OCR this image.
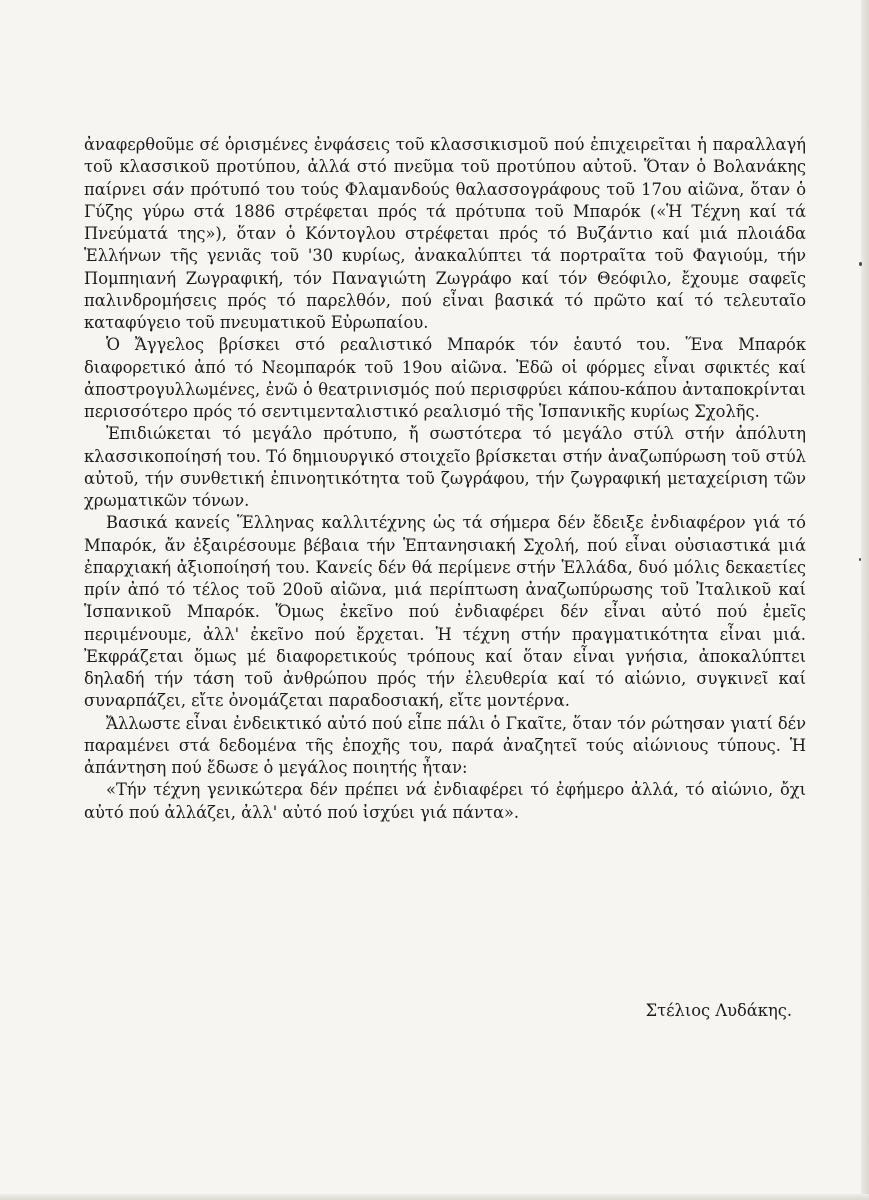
ἀναφερθοῦμε σέ ὁρισμένες ἐνφάσεις τοῦ κλασσικισμοῦ πού ἐπιχειρεῖται ἡ παραλλαγή τοῦ κλασσικοῦ προτύπου, ἀλλά στό πνεῦμα τοῦ προτύπου αὐτοῦ. Ὅταν ὁ Βολανάκης παίρνει σάν πρότυπό του τούς Φλαμανδούς θαλασσογράφους τοῦ 17ου αἰῶνα, ὅταν ὁ Γύζης γύρω στά 1886 στρέφεται πρός τά πρότυπα τοῦ Μπαρόκ («Ἡ Τέχνη καί τά Πνεύματά της»), ὅταν ὁ Κόντογλου στρέφεται πρός τό Βυζάντιο καί μιά πλοιάδα Ἑλλήνων τῆς γενιᾶς τοῦ '30 κυρίως, ἀνακαλύπτει τά πορτραῖτα τοῦ Φαγιούμ, τήν Πομπηιανή Ζωγραφική, τόν Παναγιώτη Ζωγράφο καί τόν Θεόφιλο, ἔχουμε σαφεῖς παλινδρομήσεις πρός τό παρελθόν, πού εἶναι βασικά τό πρῶτο καί τό τελευταῖο καταφύγειο τοῦ πνευματικοῦ Εὐρωπαίου.

Ὁ Ἄγγελος βρίσκει στό ρεαλιστικό Μπαρόκ τόν ἑαυτό του. Ἕνα Μπαρόκ διαφορετικό ἀπό τό Νεομπαρόκ τοῦ 19ου αἰῶνα. Ἐδῶ οἱ φόρμες εἶναι σφικτές καί ἀποστρογυλλωμένες, ἐνῶ ὁ θεατρινισμός πού περισφρύει κάπου-κάπου ἀνταποκρίνται περισσότερο πρός τό σεντιμενταλιστικό ρεαλισμό τῆς Ἱσπανικῆς κυρίως Σχολῆς.

Ἐπιδιώκεται τό μεγάλο πρότυπο, ἤ σωστότερα τό μεγάλο στύλ στήν ἀπόλυτη κλασσικοποίησή του. Τό δημιουργικό στοιχεῖο βρίσκεται στήν ἀναζωπύρωση τοῦ στύλ αὐτοῦ, τήν συνθετική ἐπινοητικότητα τοῦ ζωγράφου, τήν ζωγραφική μεταχείριση τῶν χρωματικῶν τόνων.

Βασικά κανείς Ἕλληνας καλλιτέχνης ὡς τά σήμερα δέν ἔδειξε ἐνδιαφέρον γιά τό Μπαρόκ, ἄν ἐξαιρέσουμε βέβαια τήν Ἑπτανησιακή Σχολή, πού εἶναι οὐσιαστικά μιά ἐπαρχιακή ἀξιοποίησή του. Κανείς δέν θά περίμενε στήν Ἑλλάδα, δυό μόλις δεκαετίες πρίν ἀπό τό τέλος τοῦ 20οῦ αἰῶνα, μιά περίπτωση ἀναζωπύρωσης τοῦ Ἰταλικοῦ καί Ἱσπανικοῦ Μπαρόκ. Ὅμως ἐκεῖνο πού ἐνδιαφέρει δέν εἶναι αὐτό πού ἐμεῖς περιμένουμε, ἀλλ' ἐκεῖνο πού ἔρχεται. Ἡ τέχνη στήν πραγματικότητα εἶναι μιά. Ἐκφράζεται ὅμως μέ διαφορετικούς τρόπους καί ὅταν εἶναι γνήσια, ἀποκαλύπτει δηλαδή τήν τάση τοῦ ἀνθρώπου πρός τήν ἐλευθερία καί τό αἰώνιο, συγκινεῖ καί συναρπάζει, εἴτε ὀνομάζεται παραδοσιακή, εἴτε μοντέρνα.

Ἄλλωστε εἶναι ἐνδεικτικό αὐτό πού εἶπε πάλι ὁ Γκαῖτε, ὅταν τόν ρώτησαν γιατί δέν παραμένει στά δεδομένα τῆς ἐποχῆς του, παρά ἀναζητεῖ τούς αἰώνιους τύπους. Ἡ ἀπάντηση πού ἔδωσε ὁ μεγάλος ποιητής ἦταν:

«Τήν τέχνη γενικώτερα δέν πρέπει νά ἐνδιαφέρει τό ἐφήμερο ἀλλά, τό αἰώνιο, ὄχι αὐτό πού ἀλλάζει, ἀλλ' αὐτό πού ἰσχύει γιά πάντα».

Στέλιος Λυδάκης.
